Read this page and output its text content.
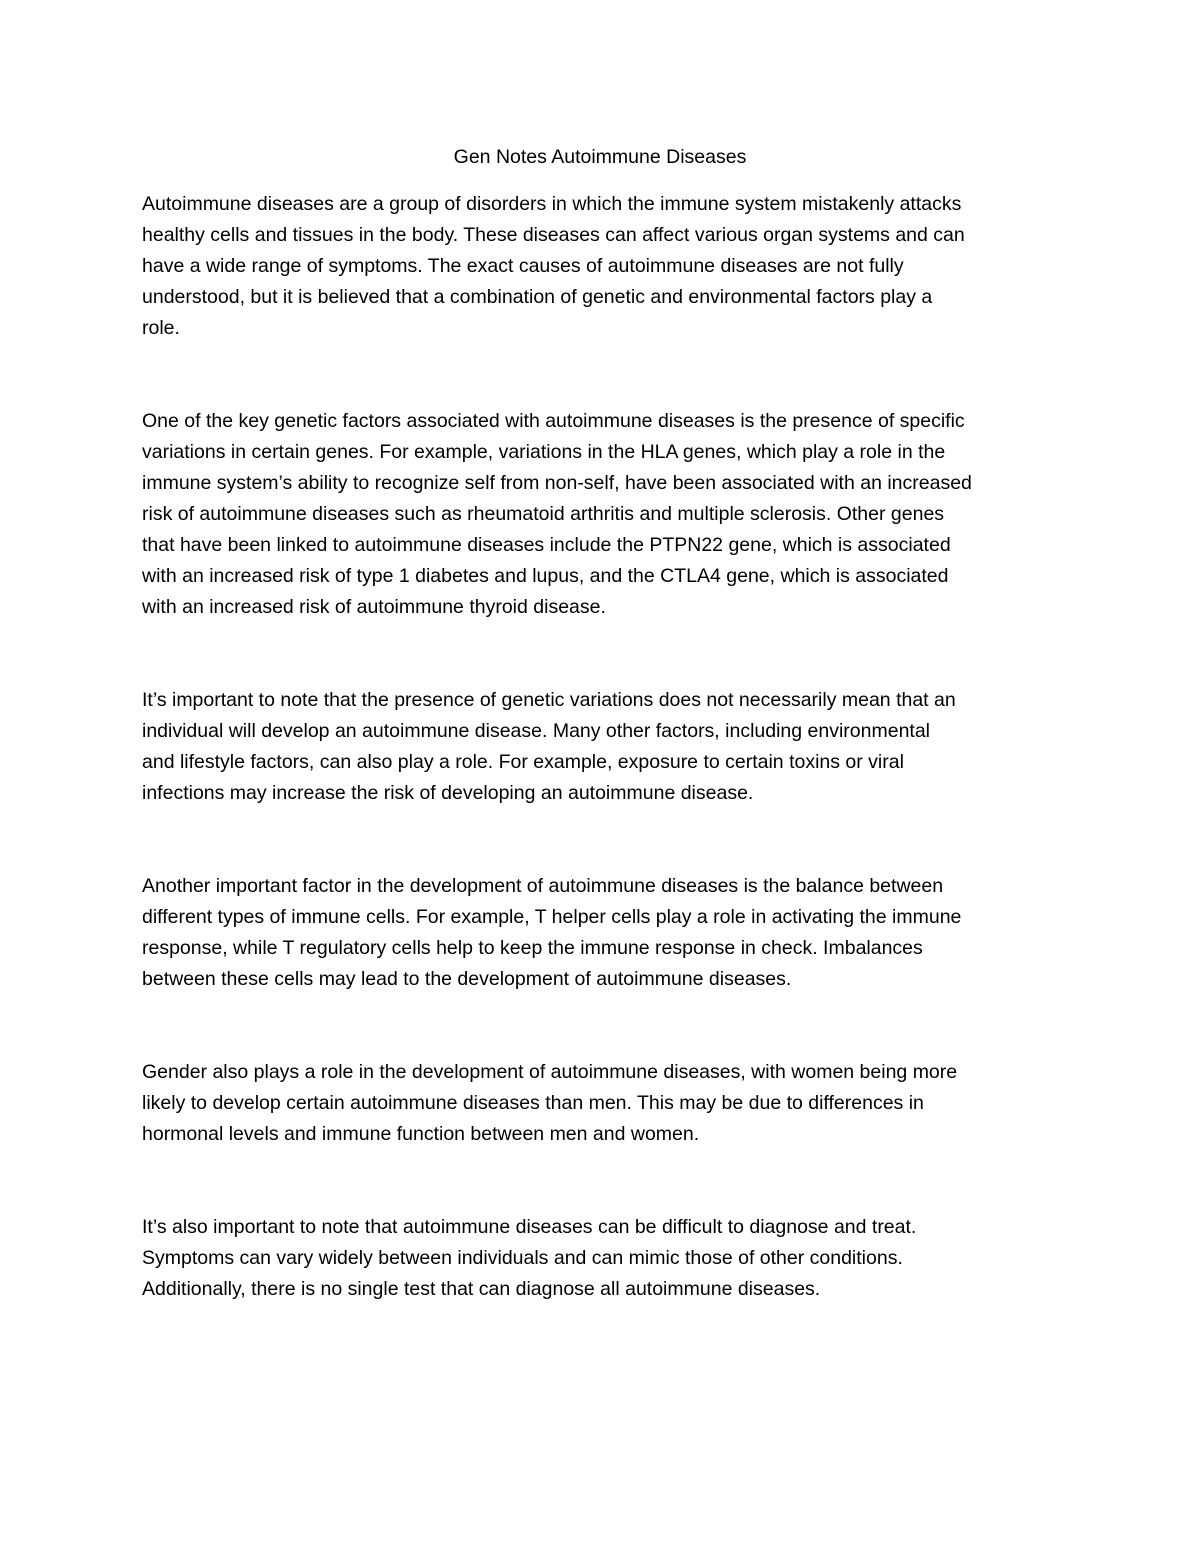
Gen Notes Autoimmune Diseases

Autoimmune diseases are a group of disorders in which the immune system mistakenly attacks
healthy cells and tissues in the body. These diseases can affect various organ systems and can
have a wide range of symptoms. The exact causes of autoimmune diseases are not fully
understood, but it is believed that a combination of genetic and environmental factors play a
role.

One of the key genetic factors associated with autoimmune diseases is the presence of specific
variations in certain genes. For example, variations in the HLA genes, which play a role in the
immune system’s ability to recognize self from non-self, have been associated with an increased
risk of autoimmune diseases such as rheumatoid arthritis and multiple sclerosis. Other genes
that have been linked to autoimmune diseases include the PTPN22 gene, which is associated
with an increased risk of type 1 diabetes and lupus, and the CTLA4 gene, which is associated
with an increased risk of autoimmune thyroid disease.

It’s important to note that the presence of genetic variations does not necessarily mean that an
individual will develop an autoimmune disease. Many other factors, including environmental
and lifestyle factors, can also play a role. For example, exposure to certain toxins or viral
infections may increase the risk of developing an autoimmune disease.

Another important factor in the development of autoimmune diseases is the balance between
different types of immune cells. For example, T helper cells play a role in activating the immune
response, while T regulatory cells help to keep the immune response in check. Imbalances
between these cells may lead to the development of autoimmune diseases.

Gender also plays a role in the development of autoimmune diseases, with women being more
likely to develop certain autoimmune diseases than men. This may be due to differences in
hormonal levels and immune function between men and women.

It’s also important to note that autoimmune diseases can be difficult to diagnose and treat.
Symptoms can vary widely between individuals and can mimic those of other conditions.
Additionally, there is no single test that can diagnose all autoimmune diseases.
